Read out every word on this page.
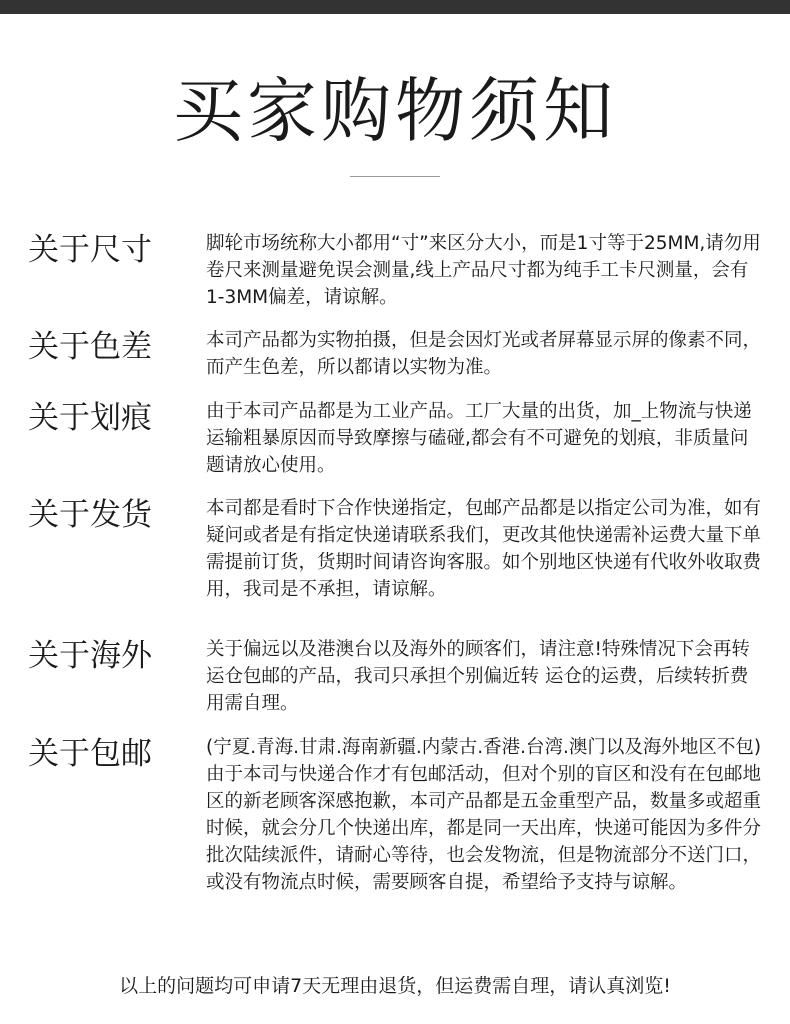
买家购物须知
关于尺寸	脚轮市场统称大小都用“寸”来区分大小，而是1寸等于25MM,请勿用卷尺来测量避免误会测量,线上产品尺寸都为纯手工卡尺测量，会有1-3MM偏差，请谅解。
关于色差	本司产品都为实物拍摄，但是会因灯光或者屏幕显示屏的像素不同，而产生色差，所以都请以实物为准。
关于划痕	由于本司产品都是为工业产品。工厂大量的出货，加_上物流与快递运输粗暴原因而导致摩擦与磕碰,都会有不可避免的划痕，非质量问题请放心使用。
关于发货	本司都是看时下合作快递指定，包邮产品都是以指定公司为准，如有疑问或者是有指定快递请联系我们，更改其他快递需补运费大量下单需提前订货，货期时间请咨询客服。如个别地区快递有代收外收取费用，我司是不承担，请谅解。
关于海外	关于偏远以及港澳台以及海外的顾客们，请注意!特殊情况下会再转运仓包邮的产品，我司只承担个别偏近转 运仓的运费，后续转折费用需自理。
关于包邮	(宁夏.青海.甘肃.海南新疆.内蒙古.香港.台湾.澳门以及海外地区不包)由于本司与快递合作才有包邮活动，但对个别的盲区和没有在包邮地区的新老顾客深感抱歉，本司产品都是五金重型产品，数量多或超重时候，就会分几个快递出库，都是同一天出库，快递可能因为多件分批次陆续派件，请耐心等待，也会发物流，但是物流部分不送门口，或没有物流点时候，需要顾客自提，希望给予支持与谅解。
以上的问题均可申请7天无理由退货，但运费需自理，请认真浏览!
